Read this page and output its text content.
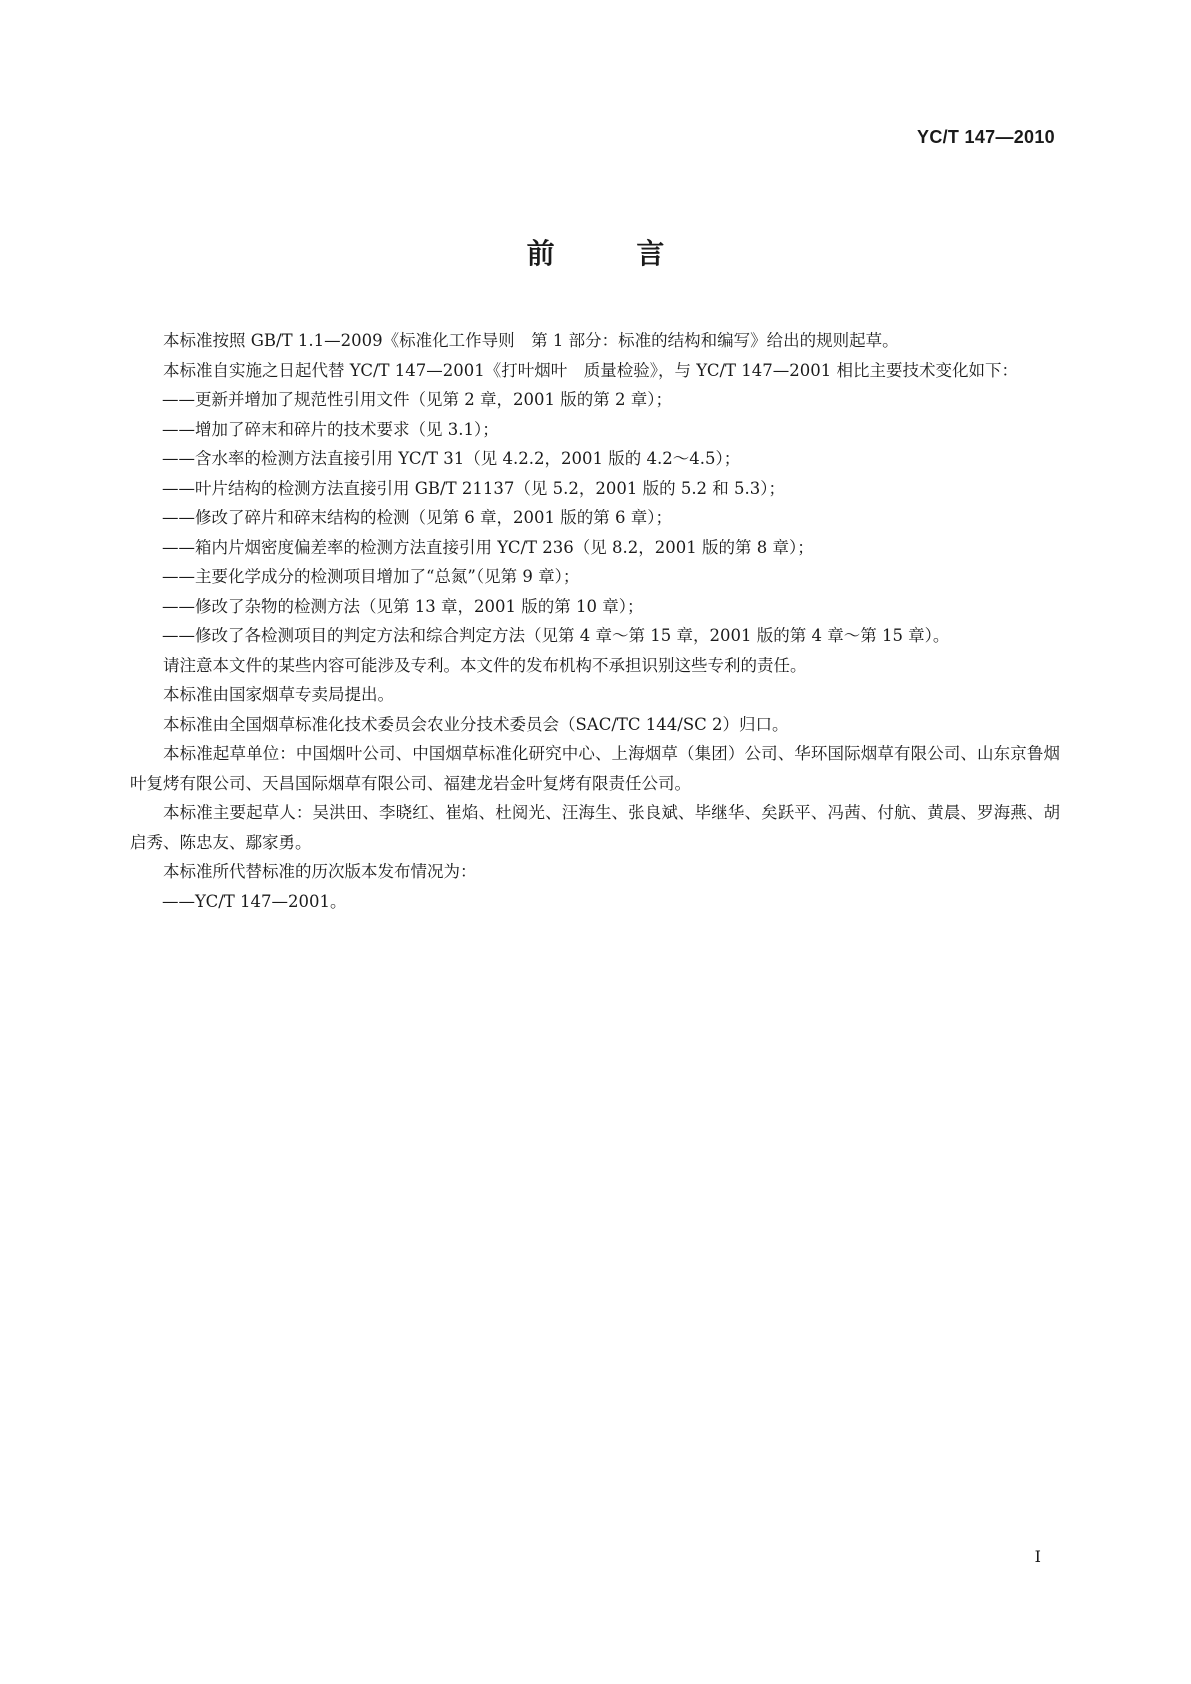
YC/T 147—2010
前 言

本标准按照 GB/T 1.1—2009《标准化工作导则　第 1 部分：标准的结构和编写》给出的规则起草。

本标准自实施之日起代替 YC/T 147—2001《打叶烟叶　质量检验》，与 YC/T 147—2001 相比主要技术变化如下：

——更新并增加了规范性引用文件（见第 2 章，2001 版的第 2 章）；

——增加了碎末和碎片的技术要求（见 3.1）；

——含水率的检测方法直接引用 YC/T 31（见 4.2.2，2001 版的 4.2～4.5）；

——叶片结构的检测方法直接引用 GB/T 21137（见 5.2，2001 版的 5.2 和 5.3）；

——修改了碎片和碎末结构的检测（见第 6 章，2001 版的第 6 章）；

——箱内片烟密度偏差率的检测方法直接引用 YC/T 236（见 8.2，2001 版的第 8 章）；

——主要化学成分的检测项目增加了“总氮”（见第 9 章）；

——修改了杂物的检测方法（见第 13 章，2001 版的第 10 章）；

——修改了各检测项目的判定方法和综合判定方法（见第 4 章～第 15 章，2001 版的第 4 章～第 15 章）。

请注意本文件的某些内容可能涉及专利。本文件的发布机构不承担识别这些专利的责任。

本标准由国家烟草专卖局提出。

本标准由全国烟草标准化技术委员会农业分技术委员会（SAC/TC 144/SC 2）归口。

本标准起草单位：中国烟叶公司、中国烟草标准化研究中心、上海烟草（集团）公司、华环国际烟草有限公司、山东京鲁烟叶复烤有限公司、天昌国际烟草有限公司、福建龙岩金叶复烤有限责任公司。

本标准主要起草人：吴洪田、李晓红、崔焰、杜阅光、汪海生、张良斌、毕继华、矣跃平、冯茜、付航、黄晨、罗海燕、胡启秀、陈忠友、鄢家勇。

本标准所代替标准的历次版本发布情况为：

——YC/T 147—2001。

I
